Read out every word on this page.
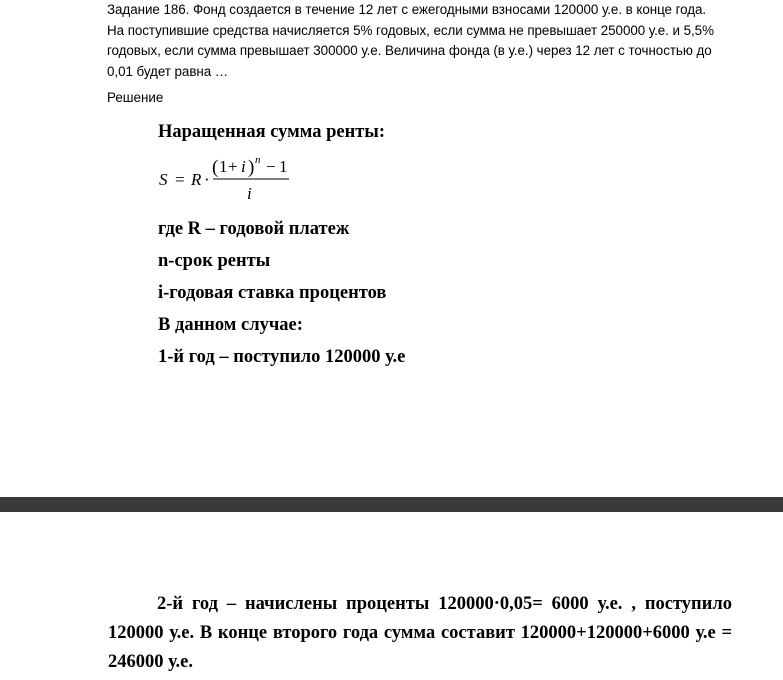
Задание 186. Фонд создается в течение 12 лет с ежегодными взносами 120000 у.е. в конце года.

На поступившие средства начисляется 5% годовых, если сумма не превышает 250000 у.е. и 5,5%

годовых, если сумма превышает 300000 у.е. Величина фонда (в у.е.) через 12 лет с точностью до

0,01 будет равна …

Решение
Наращенная сумма ренты:
S = R ·
( 1 + i ) n − 1
i
где R – годовой платеж
n-срок ренты
i-годовая ставка процентов
В данном случае:
1-й год – поступило 120000 у.е

2-й год – начислены проценты 120000·0,05= 6000 у.е. , поступило 120000 у.е. В конце второго года сумма составит 120000+120000+6000 у.е = 246000 у.е.
